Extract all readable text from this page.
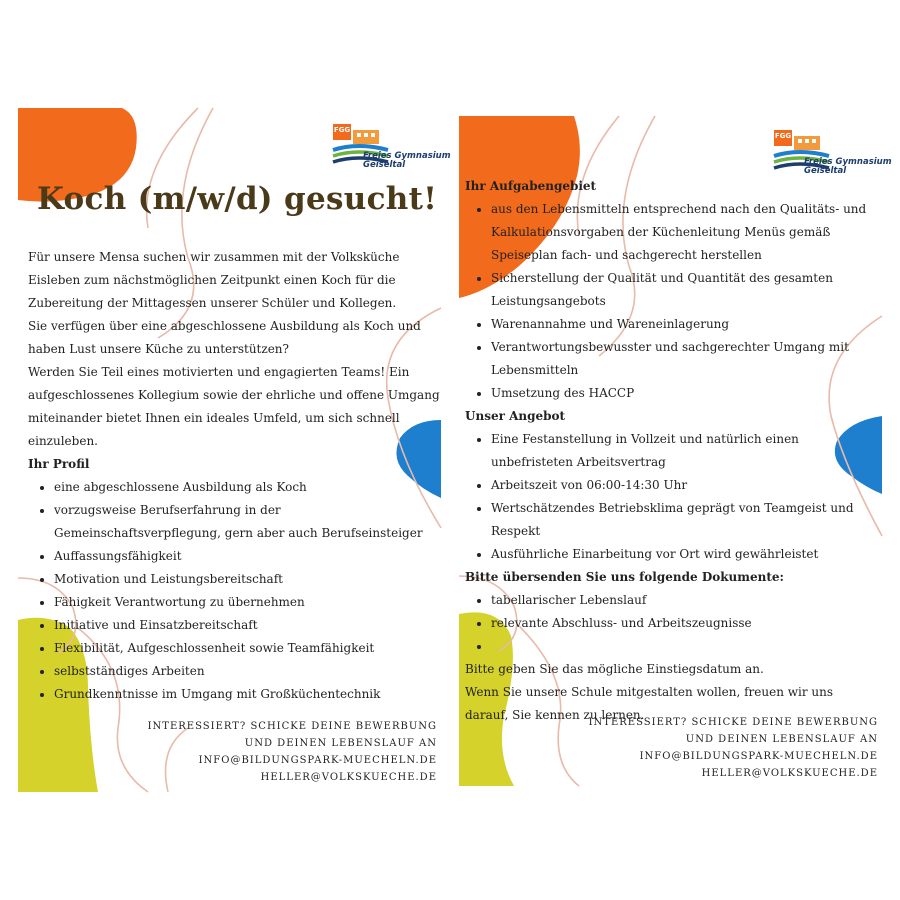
FGG
Freies Gymnasium
Geiseltal
Koch (m/w/d) gesucht!

Für unsere Mensa suchen wir zusammen mit der Volksküche Eisleben zum nächstmöglichen Zeitpunkt einen Koch für die Zubereitung der Mittagessen unserer Schüler und Kollegen.

Sie verfügen über eine abgeschlossene Ausbildung als Koch und haben Lust unsere Küche zu unterstützen?

Werden Sie Teil eines motivierten und engagierten Teams! Ein aufgeschlossenes Kollegium sowie der ehrliche und offene Umgang miteinander bietet Ihnen ein ideales Umfeld, um sich schnell einzuleben.

Ihr Profil

• eine abgeschlossene Ausbildung als Koch
• vorzugsweise Berufserfahrung in der Gemeinschaftsverpflegung, gern aber auch Berufseinsteiger
• Auffassungsfähigkeit
• Motivation und Leistungsbereitschaft
• Fähigkeit Verantwortung zu übernehmen
• Initiative und Einsatzbereitschaft
• Flexibilität, Aufgeschlossenheit sowie Teamfähigkeit
• selbstständiges Arbeiten
• Grundkenntnisse im Umgang mit Großküchentechnik
INTERESSIERT? SCHICKE DEINE BEWERBUNG
UND DEINEN LEBENSLAUF AN
INFO@BILDUNGSPARK-MUECHELN.DE
HELLER@VOLKSKUECHE.DE
FGG
Freies Gymnasium
Geiseltal

Ihr Aufgabengebiet

• aus den Lebensmitteln entsprechend nach den Qualitäts- und Kalkulationsvorgaben der Küchenleitung Menüs gemäß Speiseplan fach- und sachgerecht herstellen
• Sicherstellung der Qualität und Quantität des gesamten Leistungsangebots
• Warenannahme und Wareneinlagerung
• Verantwortungsbewusster und sachgerechter Umgang mit Lebensmitteln
• Umsetzung des HACCP

Unser Angebot

• Eine Festanstellung in Vollzeit und natürlich einen unbefristeten Arbeitsvertrag
• Arbeitszeit von 06:00-14:30 Uhr
• Wertschätzendes Betriebsklima geprägt von Teamgeist und Respekt
• Ausführliche Einarbeitung vor Ort wird gewährleistet

Bitte übersenden Sie uns folgende Dokumente:

• tabellarischer Lebenslauf
• relevante Abschluss- und Arbeitszeugnisse
•

Bitte geben Sie das mögliche Einstiegsdatum an.

Wenn Sie unsere Schule mitgestalten wollen, freuen wir uns darauf, Sie kennen zu lernen.

INTERESSIERT? SCHICKE DEINE BEWERBUNG
UND DEINEN LEBENSLAUF AN
INFO@BILDUNGSPARK-MUECHELN.DE
HELLER@VOLKSKUECHE.DE
